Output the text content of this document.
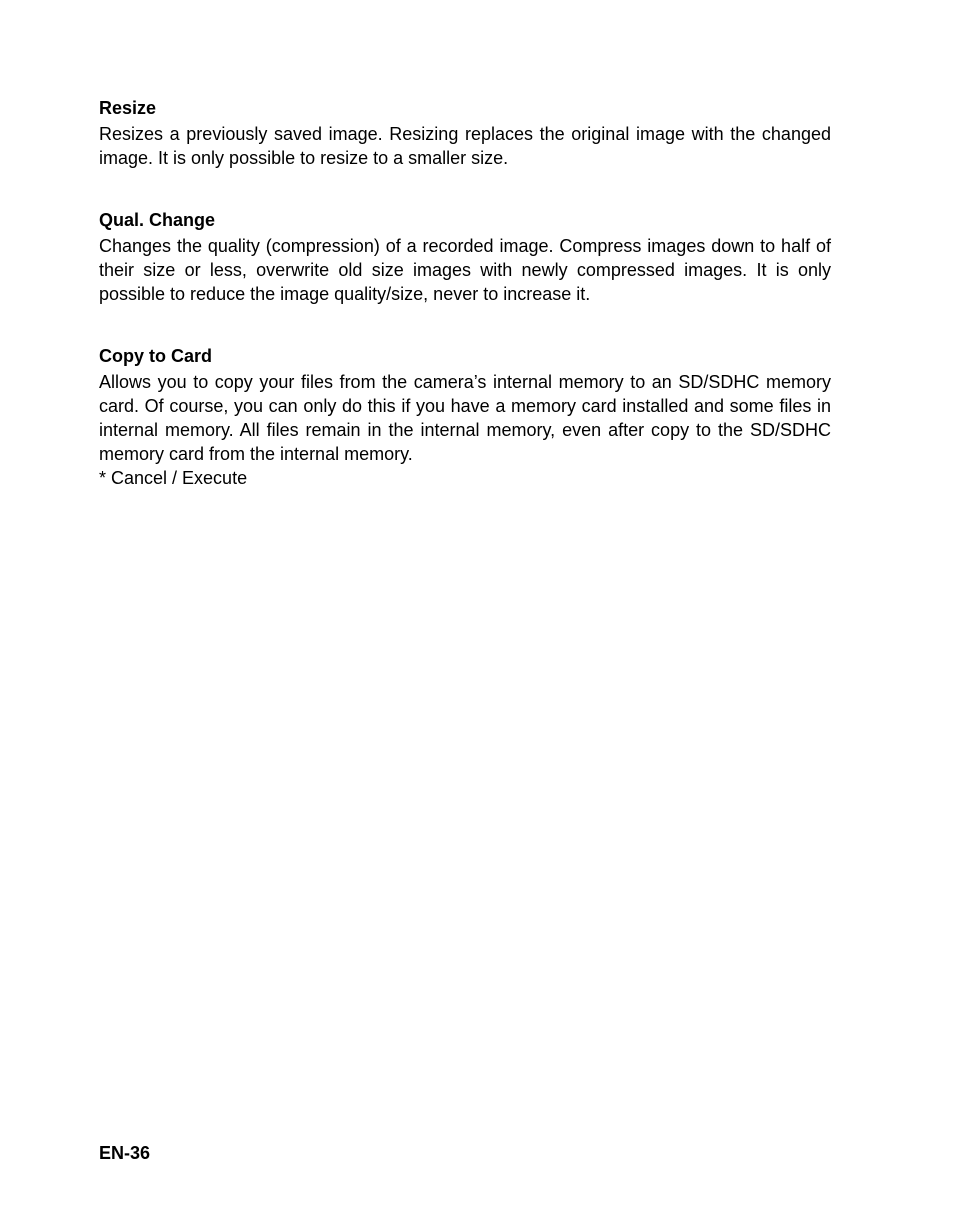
Resize

Resizes a previously saved image. Resizing replaces the original image with the changed image. It is only possible to resize to a smaller size.

Qual. Change

Changes the quality (compression) of a recorded image. Compress images down to half of their size or less, overwrite old size images with newly compressed images. It is only possible to reduce the image quality/size, never to increase it.

Copy to Card

Allows you to copy your files from the camera’s internal memory to an SD/SDHC memory card. Of course, you can only do this if you have a memory card installed and some files in internal memory. All files remain in the internal memory, even after copy to the SD/SDHC memory card from the internal memory.

* Cancel / Execute

EN-36
